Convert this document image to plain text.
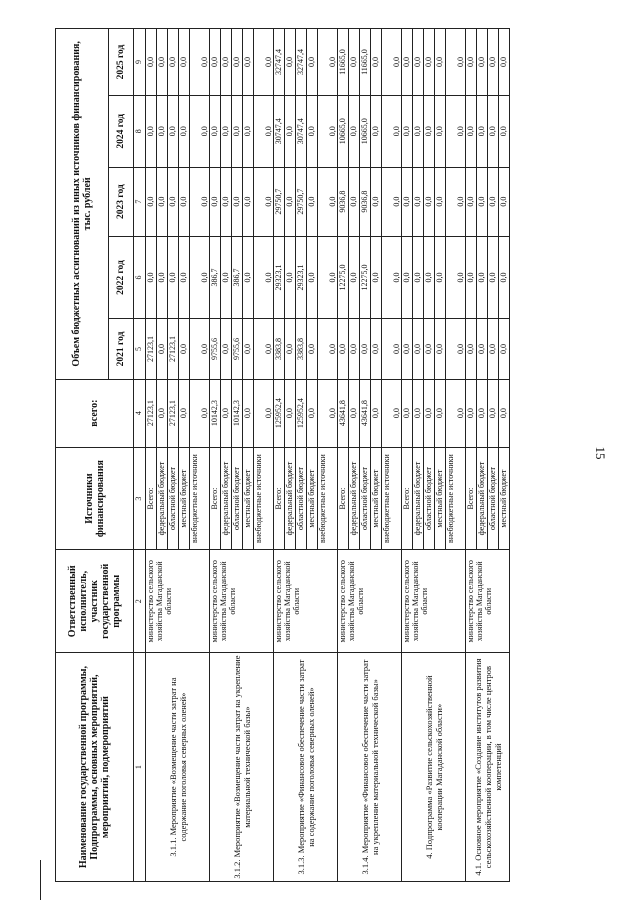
15
Наименование государственной программы, Подпрограммы, основных мероприятий, мероприятий, подмероприятий	Ответственный исполнитель, участник государственной программы	Источники финансирования	всего:	Объем бюджетных ассигнований из иных источников финансирования, тыс. рублей				
				2021 год	2022 год	2023 год	2024 год	2025 год
1	2	3	4	5	6	7	8	9
3.1.1. Мероприятие «Возмещение части затрат на содержание поголовья северных оленей»	министерство сельского хозяйства Магаданской области	Всего:	27123,1	27123,1	0,0	0,0	0,0	0,0
		федеральный бюджет	0,0	0,0	0,0	0,0	0,0	0,0
		областной бюджет	27123,1	27123,1	0,0	0,0	0,0	0,0
		местный бюджет	0,0	0,0	0,0	0,0	0,0	0,0
		внебюджетные источники	0,0	0,0	0,0	0,0	0,0	0,0
3.1.2. Мероприятие «Возмещение части затрат на укрепление материальной технической базы»	министерство сельского хозяйства Магаданской области	Всего:	10142,3	9755,6	386,7	0,0	0,0	0,0
		федеральный бюджет	0,0	0,0	0,0	0,0	0,0	0,0
		областной бюджет	10142,3	9755,6	386,7	0,0	0,0	0,0
		местный бюджет	0,0	0,0	0,0	0,0	0,0	0,0
		внебюджетные источники	0,0	0,0	0,0	0,0	0,0	0,0
3.1.3. Мероприятие «Финансовое обеспечение части затрат на содержание поголовья северных оленей»	министерство сельского хозяйства Магаданской области	Всего:	125952,4	3383,8	29323,1	29750,7	30747,4	32747,4
		федеральный бюджет	0,0	0,0	0,0	0,0	0,0	0,0
		областной бюджет	125952,4	3383,8	29323,1	29750,7	30747,4	32747,4
		местный бюджет	0,0	0,0	0,0	0,0	0,0	0,0
		внебюджетные источники	0,0	0,0	0,0	0,0	0,0	0,0
3.1.4. Мероприятие «Финансовое обеспечение части затрат на укрепление материальной технической базы»	министерство сельского хозяйства Магаданской области	Всего:	43641,8	0,0	12275,0	9036,8	10665,0	11665,0
		федеральный бюджет	0,0	0,0	0,0	0,0	0,0	0,0
		областной бюджет	43641,8	0,0	12275,0	9036,8	10665,0	11665,0
		местный бюджет	0,0	0,0	0,0	0,0	0,0	0,0
		внебюджетные источники	0,0	0,0	0,0	0,0	0,0	0,0
4. Подпрограмма «Развитие сельскохозяйственной кооперации Магаданской области»	министерство сельского хозяйства Магаданской области	Всего:	0,0	0,0	0,0	0,0	0,0	0,0
		федеральный бюджет	0,0	0,0	0,0	0,0	0,0	0,0
		областной бюджет	0,0	0,0	0,0	0,0	0,0	0,0
		местный бюджет	0,0	0,0	0,0	0,0	0,0	0,0
		внебюджетные источники	0,0	0,0	0,0	0,0	0,0	0,0
4.1. Основное мероприятие «Создание институтов развития сельскохозяйственной кооперации, в том числе центров компетенций	министерство сельского хозяйства Магаданской области	Всего:	0,0	0,0	0,0	0,0	0,0	0,0
		федеральный бюджет	0,0	0,0	0,0	0,0	0,0	0,0
		областной бюджет	0,0	0,0	0,0	0,0	0,0	0,0
		местный бюджет	0,0	0,0	0,0	0,0	0,0	0,0
